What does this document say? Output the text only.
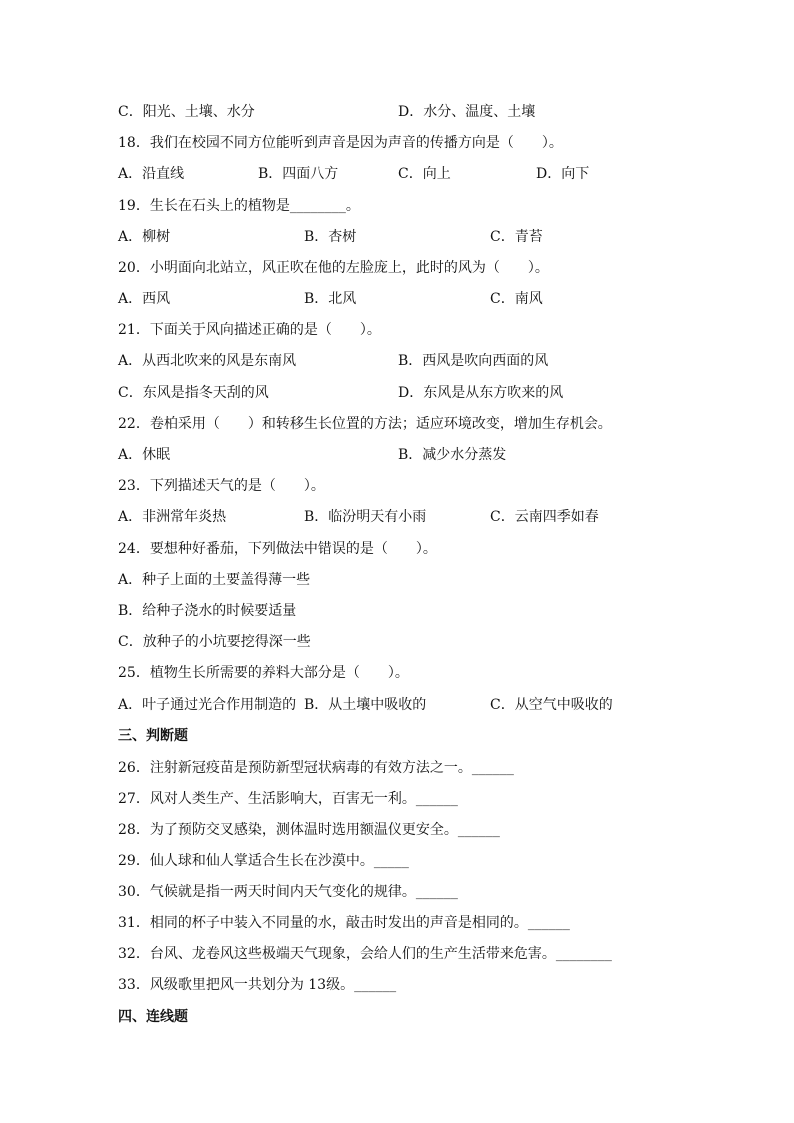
C．阳光、土壤、水分	D．水分、温度、土壤
18．我们在校园不同方位能听到声音是因为声音的传播方向是（　　）。
A．沿直线	B．四面八方	C．向上	D．向下
19．生长在石头上的植物是________。
A．柳树	B．杏树	C．青苔
20．小明面向北站立，风正吹在他的左脸庞上，此时的风为（　　）。
A．西风	B．北风	C．南风
21．下面关于风向描述正确的是（　　）。
A．从西北吹来的风是东南风	B．西风是吹向西面的风
C．东风是指冬天刮的风	D．东风是从东方吹来的风
22．卷柏采用（　　）和转移生长位置的方法；适应环境改变，增加生存机会。
A．休眠	B．减少水分蒸发
23．下列描述天气的是（　　）。
A．非洲常年炎热	B．临汾明天有小雨	C．云南四季如春
24．要想种好番茄，下列做法中错误的是（　　）。
A．种子上面的土要盖得薄一些
B．给种子浇水的时候要适量
C．放种子的小坑要挖得深一些
25．植物生长所需要的养料大部分是（　　）。
A．叶子通过光合作用制造的 B．从土壤中吸收的	C．从空气中吸收的
三、判断题
26．注射新冠疫苗是预防新型冠状病毒的有效方法之一。______
27．风对人类生产、生活影响大，百害无一利。______
28．为了预防交叉感染，测体温时选用额温仪更安全。______
29．仙人球和仙人掌适合生长在沙漠中。_____
30．气候就是指一两天时间内天气变化的规律。______
31．相同的杯子中装入不同量的水，敲击时发出的声音是相同的。______
32．台风、龙卷风这些极端天气现象，会给人们的生产生活带来危害。________
33．风级歌里把风一共划分为 13级。______
四、连线题
